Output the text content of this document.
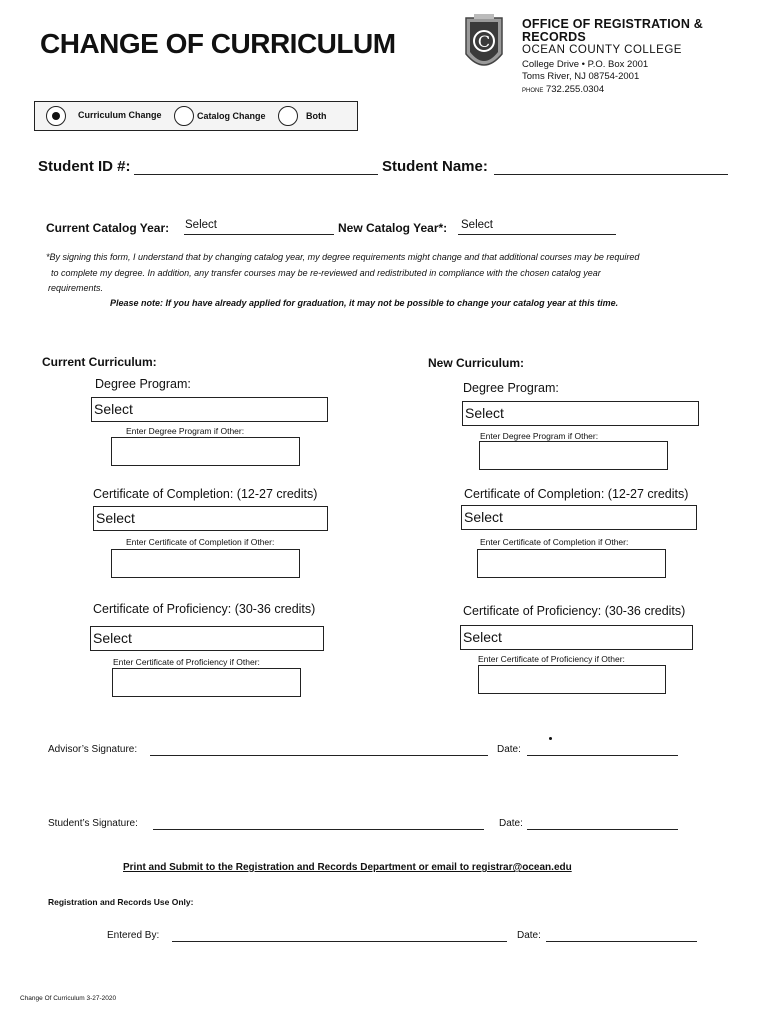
CHANGE OF CURRICULUM	C
OFFICE OF REGISTRATION & RECORDS
OCEAN COUNTY COLLEGE
College Drive • P.O. Box 2001
Toms River, NJ 08754-2001
PHONE 732.255.0304
Curriculum Change	Catalog Change	Both
Student ID #:	Student Name:
Current Catalog Year: Select	New Catalog Year*: Select
*By signing this form, I understand that by changing catalog year, my degree requirements might change and that additional courses may be required
to complete my degree. In addition, any transfer courses may be re-reviewed and redistributed in compliance with the chosen catalog year
requirements.
Please note: If you have already applied for graduation, it may not be possible to change your catalog year at this time.
Current Curriculum:
Degree Program:
Select
Enter Degree Program if Other:
Certificate of Completion: (12-27 credits)
Select
Enter Certificate of Completion if Other:
Certificate of Proficiency: (30-36 credits)
Select
Enter Certificate of Proficiency if Other:
New Curriculum:
Degree Program:
Select
Enter Degree Program if Other:
Certificate of Completion: (12-27 credits)
Select
Enter Certificate of Completion if Other:
Certificate of Proficiency: (30-36 credits)
Select
Enter Certificate of Proficiency if Other:
Advisor’s Signature:	Date:
Student’s Signature:	Date:
Print and Submit to the Registration and Records Department or email to registrar@ocean.edu
Registration and Records Use Only:
Entered By:	Date:
Change Of Curriculum 3-27-2020
